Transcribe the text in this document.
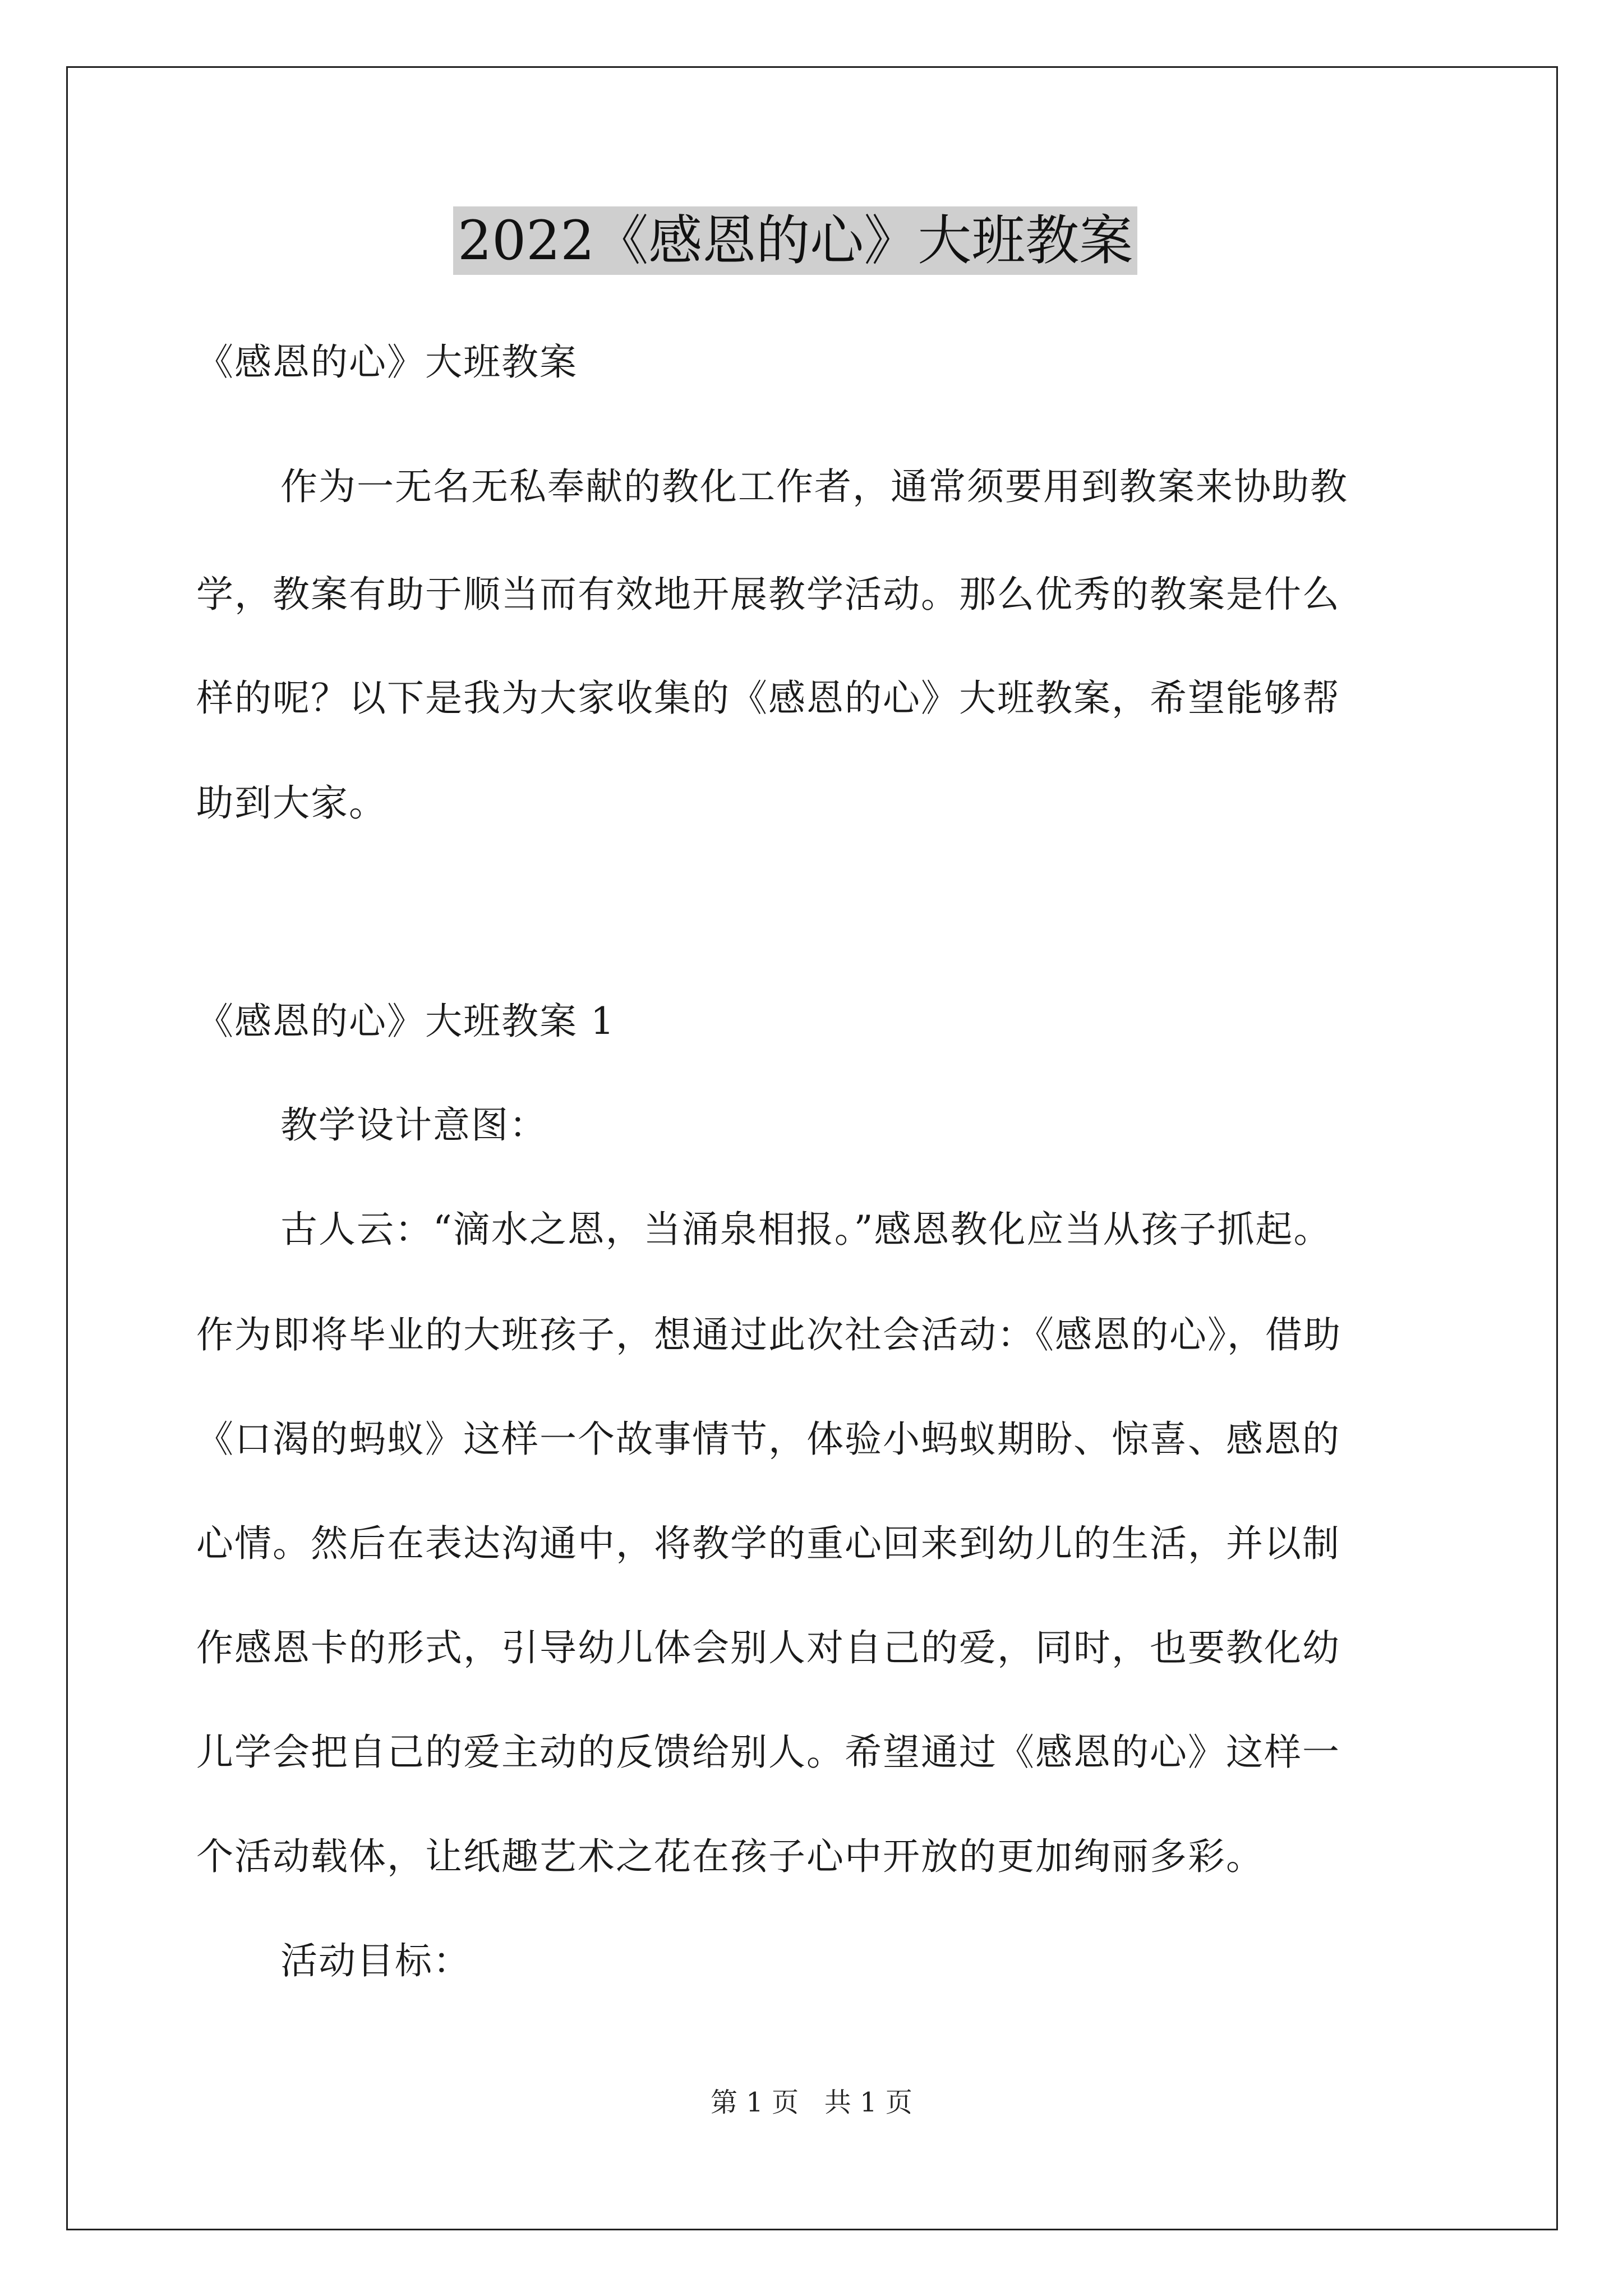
2022《感恩的心》大班教案
《感恩的心》大班教案
作为一无名无私奉献的教化工作者，通常须要用到教案来协助教
学，教案有助于顺当而有效地开展教学活动。那么优秀的教案是什么
样的呢？以下是我为大家收集的《感恩的心》大班教案，希望能够帮
助到大家。
《感恩的心》大班教案 1
教学设计意图：
古人云：“滴水之恩，当涌泉相报。”感恩教化应当从孩子抓起。
作为即将毕业的大班孩子，想通过此次社会活动：《感恩的心》，借助
《口渴的蚂蚁》这样一个故事情节，体验小蚂蚁期盼、惊喜、感恩的
心情。然后在表达沟通中，将教学的重心回来到幼儿的生活，并以制
作感恩卡的形式，引导幼儿体会别人对自己的爱，同时，也要教化幼
儿学会把自己的爱主动的反馈给别人。希望通过《感恩的心》这样一
个活动载体，让纸趣艺术之花在孩子心中开放的更加绚丽多彩。
活动目标：
第 1 页   共 1 页
